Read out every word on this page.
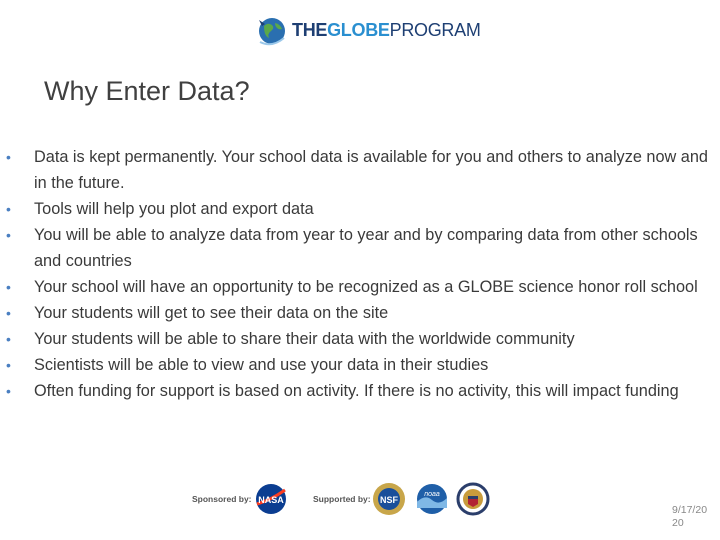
THEGLOBEPROGRAM
Why Enter Data?
• Data is kept permanently. Your school data is available for you and others to analyze now and in the future.
• Tools will help you plot and export data
• You will be able to analyze data from year to year and by comparing data from other schools and countries
• Your school will have an opportunity to be recognized as a GLOBE science honor roll school
• Your students will get to see their data on the site
• Your students will be able to share their data with the worldwide community
• Scientists will be able to view and use your data in their studies
• Often funding for support is based on activity. If there is no activity, this will impact funding
Sponsored by: NASA	Supported by: NSF
noaa
9/17/20
20
